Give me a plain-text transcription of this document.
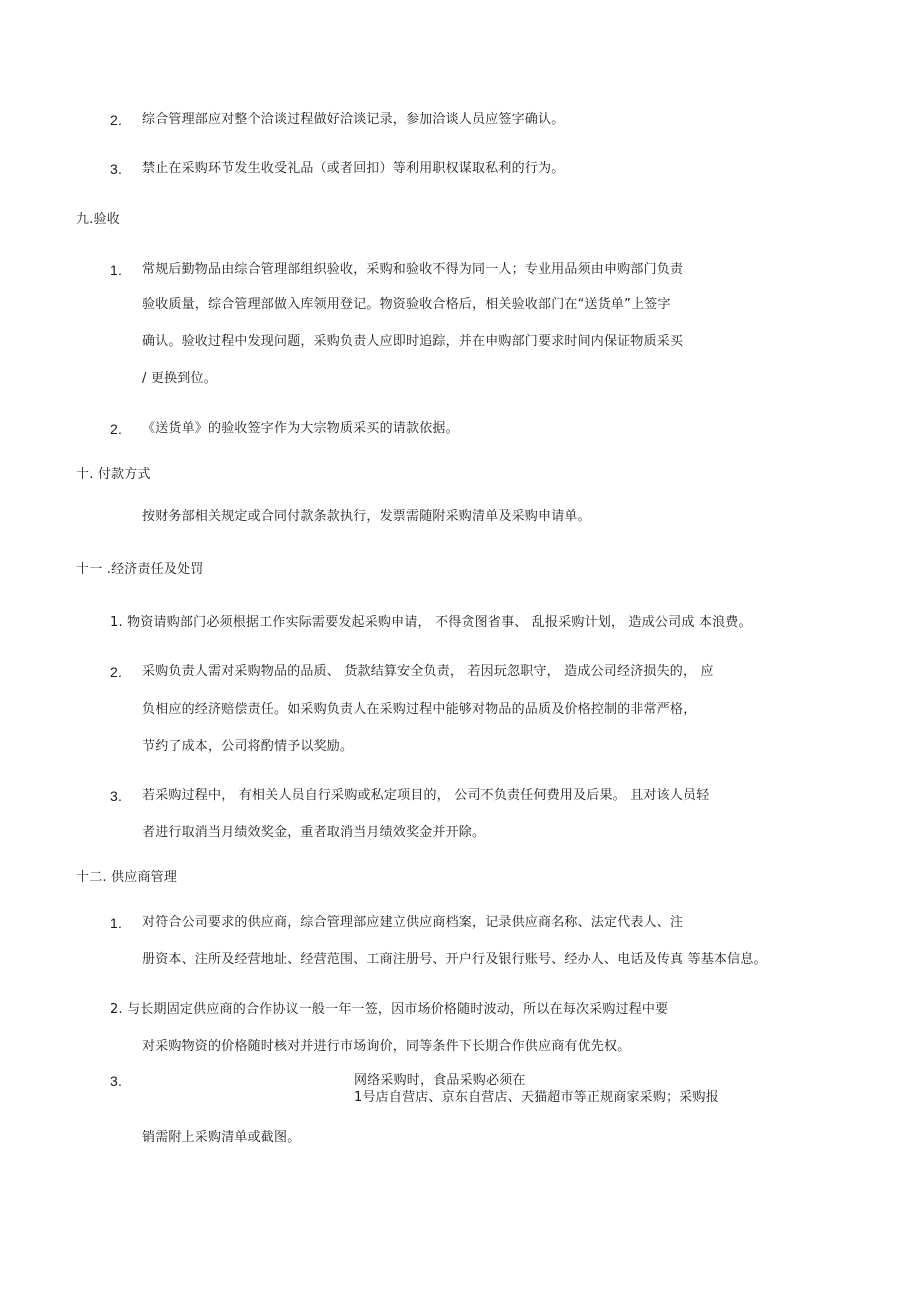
2. 综合管理部应对整个洽谈过程做好洽谈记录，参加洽谈人员应签字确认。
3. 禁止在采购环节发生收受礼品（或者回扣）等利用职权谋取私利的行为。
九.验收
1. 常规后勤物品由综合管理部组织验收，采购和验收不得为同一人；专业用品须由申购部门负责
验收质量，综合管理部做入库领用登记。物资验收合格后，相关验收部门在“送货单”上签字
确认。验收过程中发现问题，采购负责人应即时追踪，并在申购部门要求时间内保证物质采买
/ 更换到位。
2. 《送货单》的验收签字作为大宗物质采买的请款依据。
十. 付款方式
按财务部相关规定或合同付款条款执行，发票需随附采购清单及采购申请单。
十一 .经济责任及处罚
1. 物资请购部门必须根据工作实际需要发起采购申请， 不得贪图省事、 乱报采购计划， 造成公司成 本浪费。
2. 采购负责人需对采购物品的品质、 货款结算安全负责， 若因玩忽职守， 造成公司经济损失的， 应
负相应的经济赔偿责任。如采购负责人在采购过程中能够对物品的品质及价格控制的非常严格，
节约了成本，公司将酌情予以奖励。
3. 若采购过程中， 有相关人员自行采购或私定项目的， 公司不负责任何费用及后果。 且对该人员轻
者进行取消当月绩效奖金，重者取消当月绩效奖金并开除。
十二. 供应商管理
1. 对符合公司要求的供应商，综合管理部应建立供应商档案，记录供应商名称、法定代表人、注
册资本、注所及经营地址、经营范围、工商注册号、开户行及银行账号、经办人、电话及传真 等基本信息。
2. 与长期固定供应商的合作协议一般一年一签，因市场价格随时波动，所以在每次采购过程中要
对采购物资的价格随时核对并进行市场询价，同等条件下长期合作供应商有优先权。
3.	网络采购时，食品采购必须在
1号店自营店、京东自营店、天猫超市等正规商家采购；采购报
销需附上采购清单或截图。
